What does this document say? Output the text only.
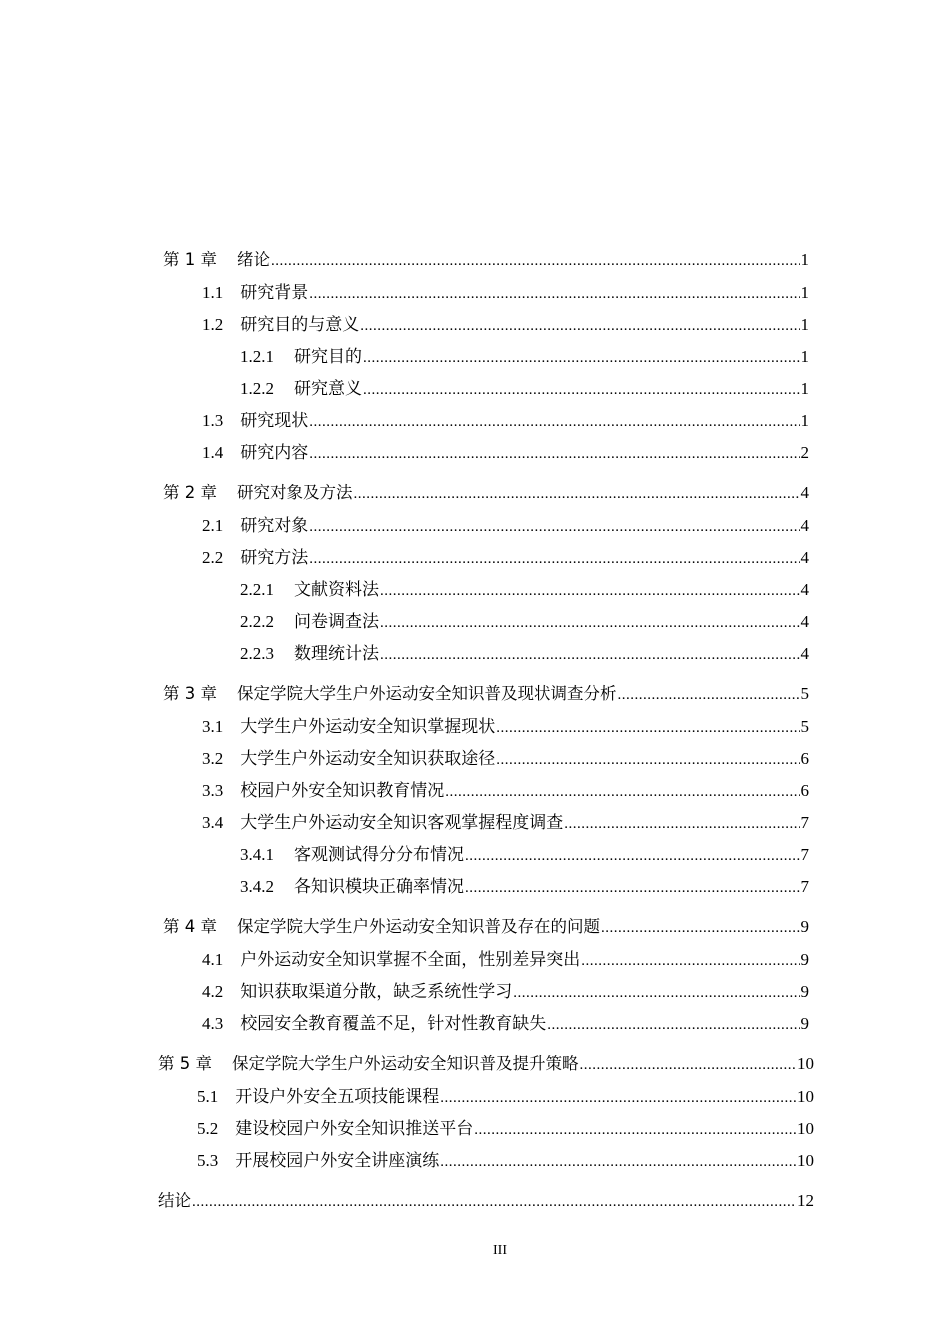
第 1 章 绪论 .....	1
1.1 研究背景 .....	1
1.2 研究目的与意义 .....	1
1.2.1 研究目的 .....	1
1.2.2 研究意义 .....	1
1.3 研究现状 .....	1
1.4 研究内容 .....	2
第 2 章 研究对象及方法 .....	4
2.1 研究对象 .....	4
2.2 研究方法 .....	4
2.2.1 文献资料法 .....	4
2.2.2 问卷调查法 .....	4
2.2.3 数理统计法 .....	4
第 3 章 保定学院大学生户外运动安全知识普及现状调查分析 .....	5
3.1 大学生户外运动安全知识掌握现状 .....	5
3.2 大学生户外运动安全知识获取途径 .....	6
3.3 校园户外安全知识教育情况 .....	6
3.4 大学生户外运动安全知识客观掌握程度调查 .....	7
3.4.1 客观测试得分分布情况 .....	7
3.4.2 各知识模块正确率情况 .....	7
第 4 章 保定学院大学生户外运动安全知识普及存在的问题 .....	9
4.1 户外运动安全知识掌握不全面，性别差异突出 .....	9
4.2 知识获取渠道分散，缺乏系统性学习 .....	9
4.3 校园安全教育覆盖不足，针对性教育缺失 .....	9
第 5 章 保定学院大学生户外运动安全知识普及提升策略 .....	10
5.1 开设户外安全五项技能课程 .....	10
5.2 建设校园户外安全知识推送平台 .....	10
5.3 开展校园户外安全讲座演练 .....	10
结论 .....	12
III
